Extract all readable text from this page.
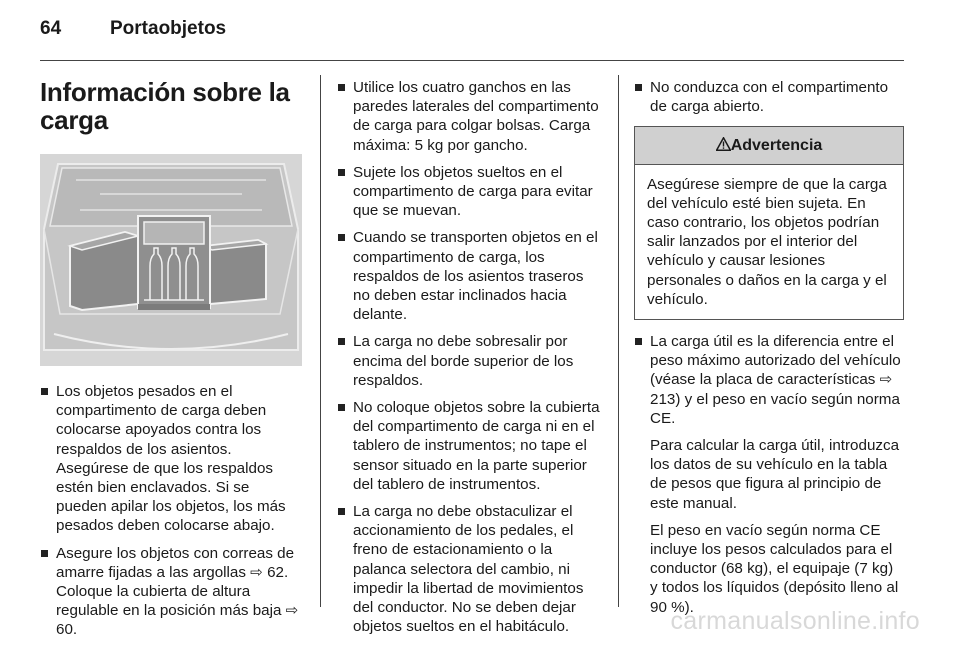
64	Portaobjetos
Información sobre la carga
Los objetos pesados en el compartimento de carga deben colocarse apoyados contra los respaldos de los asientos. Asegúrese de que los respaldos estén bien enclavados. Si se pueden apilar los objetos, los más pesados deben colocarse abajo.
Asegure los objetos con correas de amarre fijadas a las argollas ⇨ 62. Coloque la cubierta de altura regulable en la posición más baja ⇨ 60.
Utilice los cuatro ganchos en las paredes laterales del compartimento de carga para colgar bolsas. Carga máxima: 5 kg por gancho.
Sujete los objetos sueltos en el compartimento de carga para evitar que se muevan.
Cuando se transporten objetos en el compartimento de carga, los respaldos de los asientos traseros no deben estar inclinados hacia delante.
La carga no debe sobresalir por encima del borde superior de los respaldos.
No coloque objetos sobre la cubierta del compartimento de carga ni en el tablero de instrumentos; no tape el sensor situado en la parte superior del tablero de instrumentos.
La carga no debe obstaculizar el accionamiento de los pedales, el freno de estacionamiento o la palanca selectora del cambio, ni impedir la libertad de movimientos del conductor. No se deben dejar objetos sueltos en el habitáculo.
No conduzca con el compartimento de carga abierto.
Advertencia
Asegúrese siempre de que la carga del vehículo esté bien sujeta. En caso contrario, los objetos podrían salir lanzados por el interior del vehículo y causar lesiones personales o daños en la carga y el vehículo.
La carga útil es la diferencia entre el peso máximo autorizado del vehículo (véase la placa de características ⇨ 213) y el peso en vacío según norma CE.
Para calcular la carga útil, introduzca los datos de su vehículo en la tabla de pesos que figura al principio de este manual.
El peso en vacío según norma CE incluye los pesos calculados para el conductor (68 kg), el equipaje (7 kg) y todos los líquidos (depósito lleno al 90 %).
carmanualsonline.info
